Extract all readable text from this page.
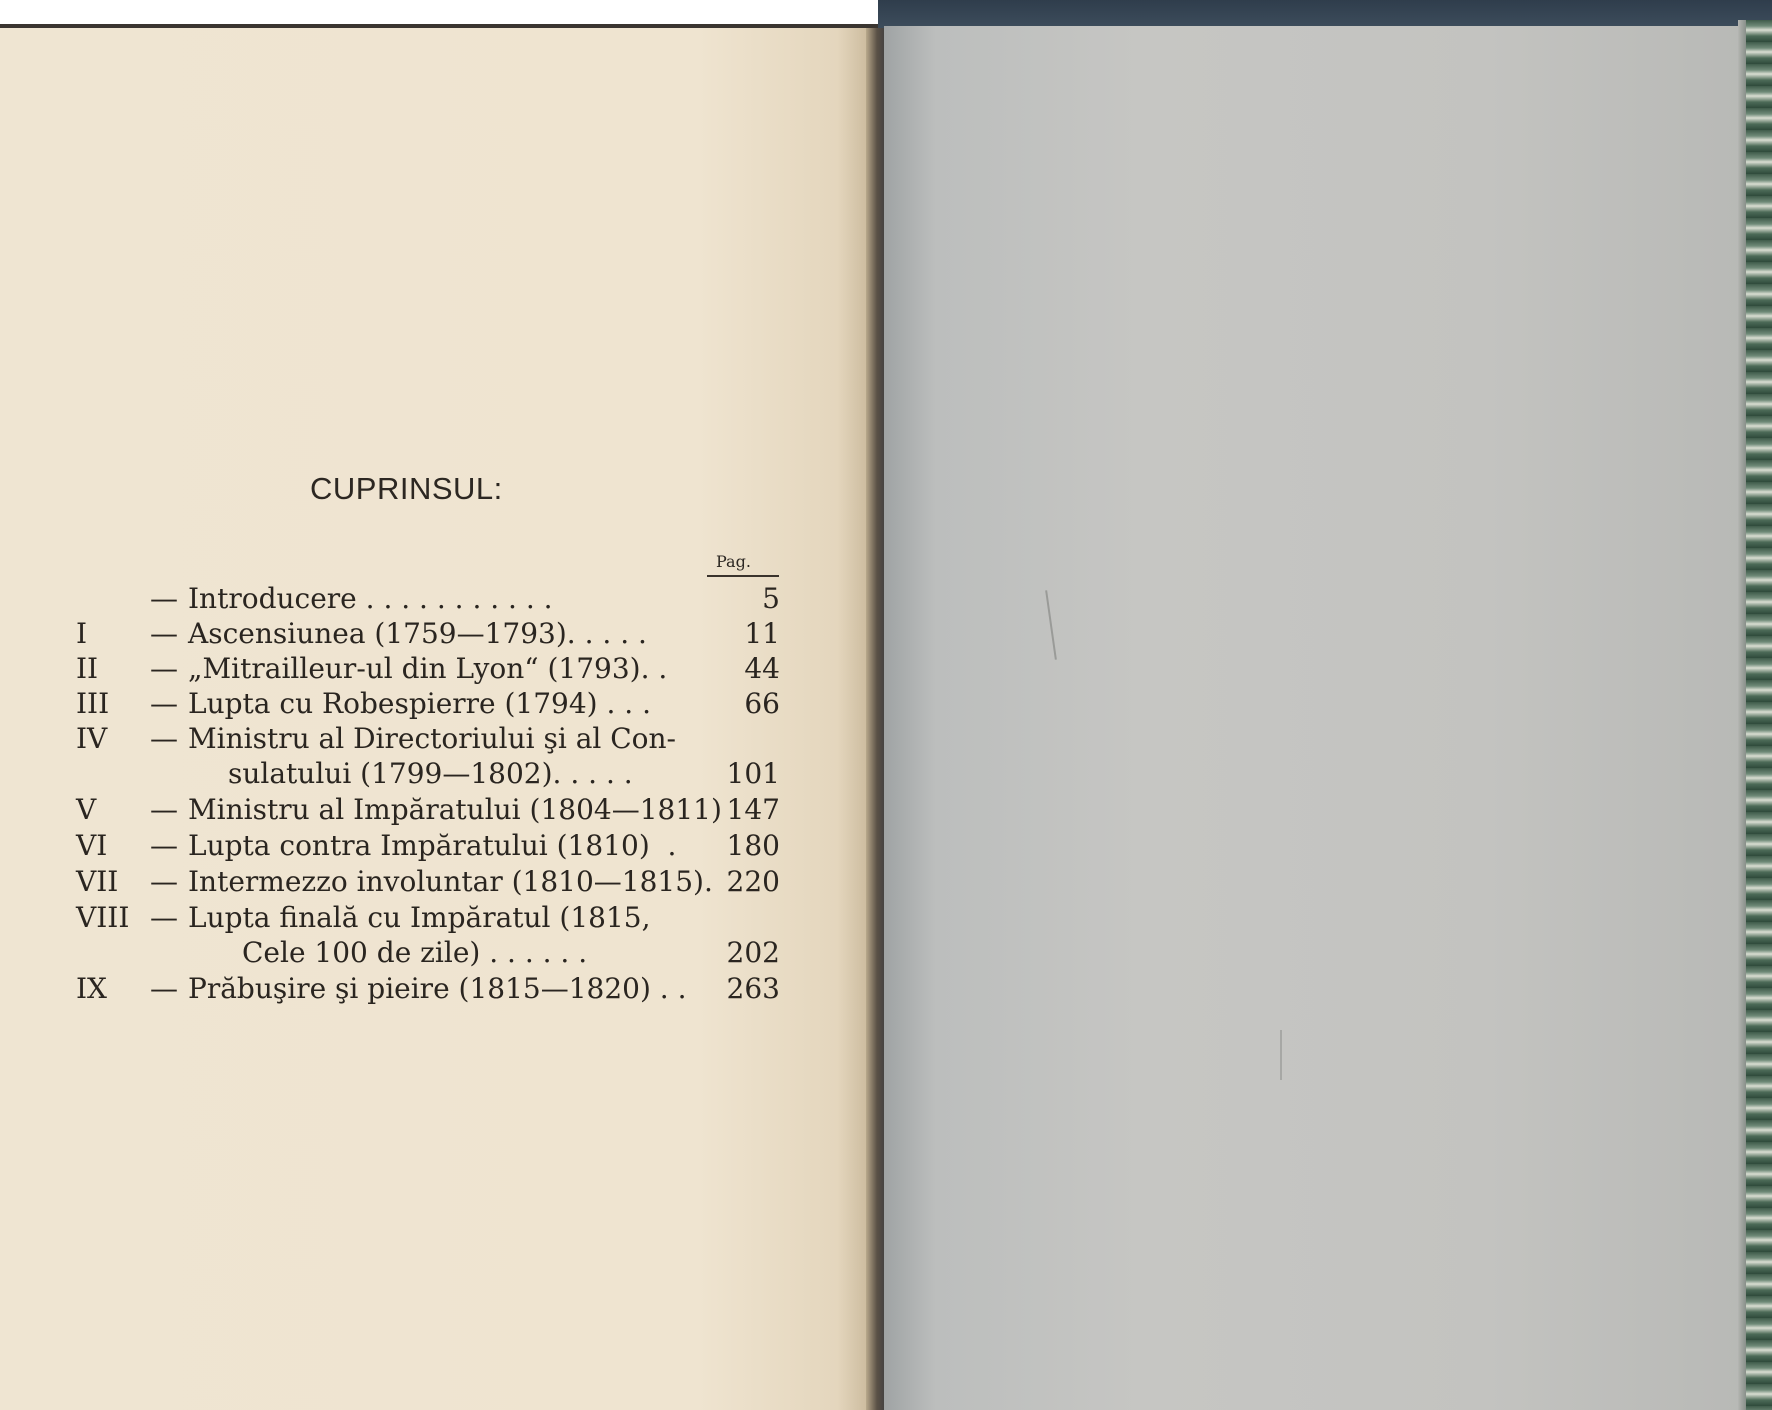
CUPRINSUL:
Pag.
— Introducere . . . . . . . . . . .	5
I — Ascensiunea (1759—1793). . . . .	11
II — „Mitrailleur-ul din Lyon“ (1793). .	44
III — Lupta cu Robespierre (1794) . . .	66
IV — Ministru al Directoriului şi al Con-
sulatului (1799—1802). . . . .	101
V — Ministru al Impăratului (1804—1811) 147
VI — Lupta contra Impăratului (1810)  . 180
VII — Intermezzo involuntar (1810—1815). 220
VIII — Lupta finală cu Impăratul (1815,
Cele 100 de zile) . . . . . .	202
IX — Prăbuşire şi pieire (1815—1820) . . 263
